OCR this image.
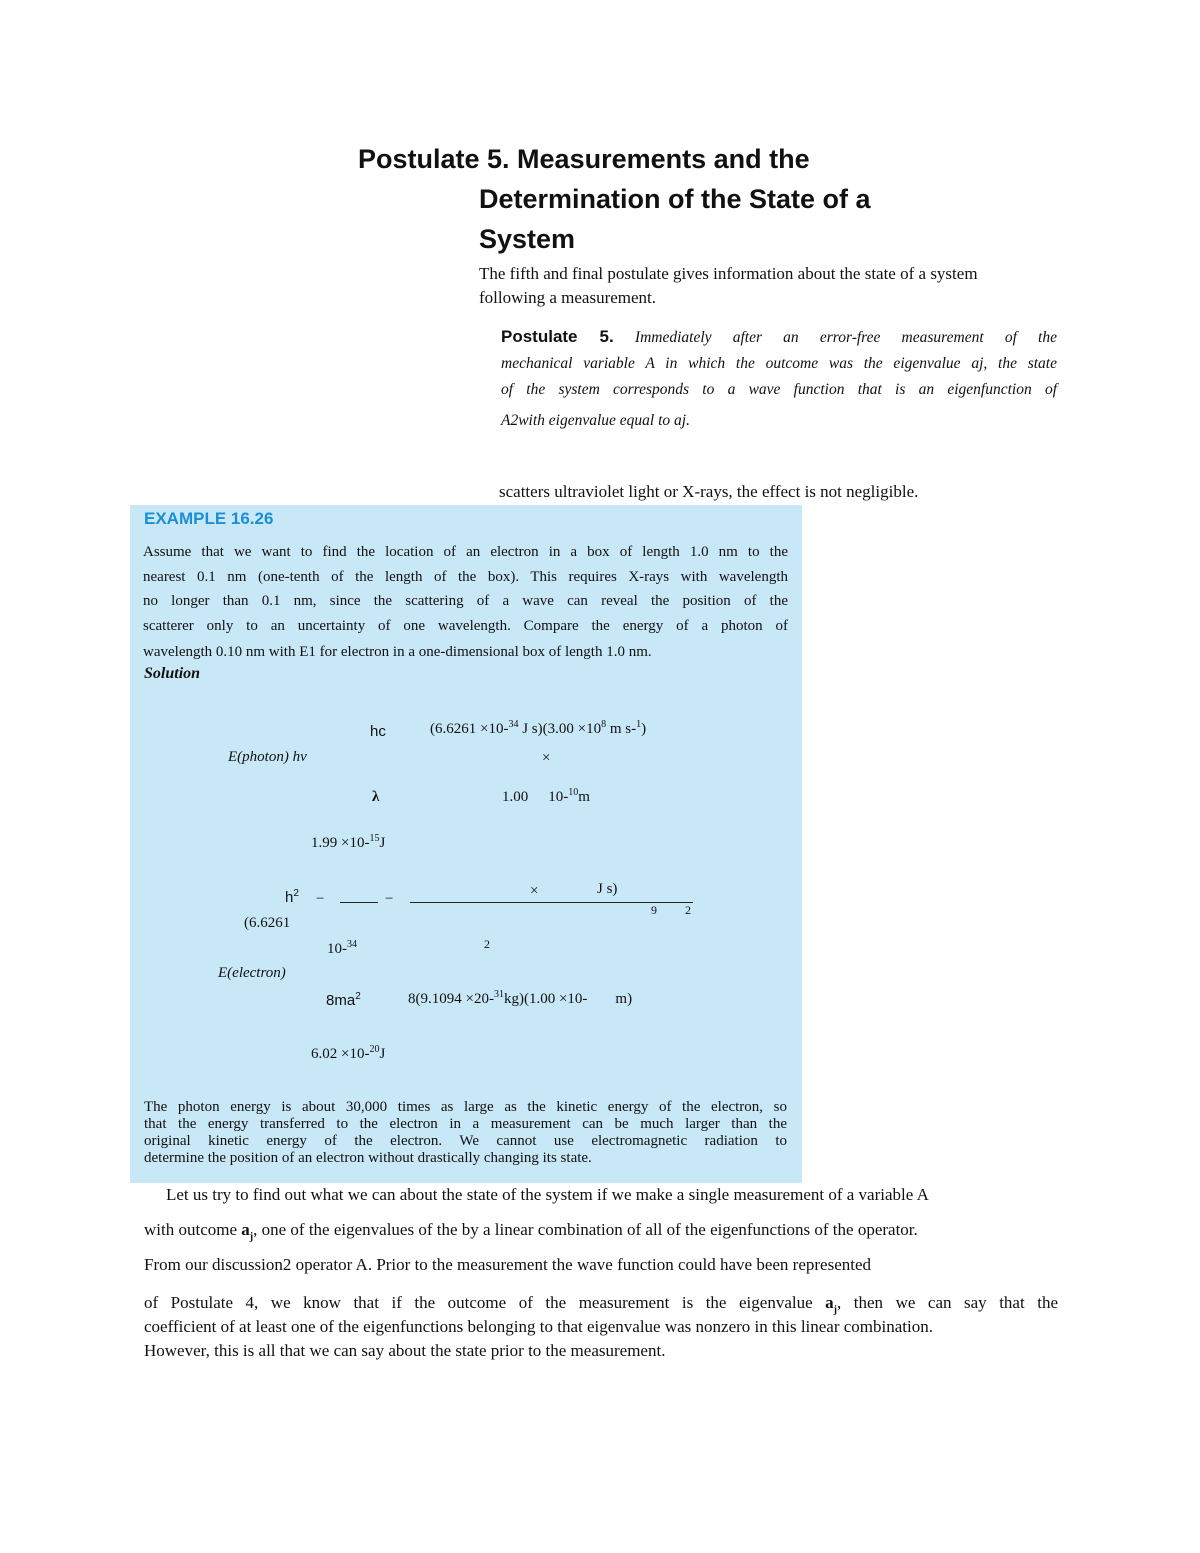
Postulate 5. Measurements and the
Determination of the State of a
System
The fifth and final postulate gives information about the state of a system
following a measurement.
Postulate 5. Immediately after an error-free measurement of the
mechanical variable A in which the outcome was the eigenvalue aj, the state
of the system corresponds to a wave function that is an eigenfunction of
A2with eigenvalue equal to aj.
scatters ultraviolet light or X-rays, the effect is not negligible.
EXAMPLE 16.26
Assume that we want to find the location of an electron in a box of length 1.0 nm to the
nearest 0.1 nm (one-tenth of the length of the box). This requires X-rays with wavelength
no longer than 0.1 nm, since the scattering of a wave can reveal the position of the
scatterer only to an uncertainty of one wavelength. Compare the energy of a photon of
wavelength 0.10 nm with E1 for electron in a one-dimensional box of length 1.0 nm.
Solution
hc	(6.6261 ×10-$^{34}$ J $s)(3.00 \times 10^8$ m s-$^1$)
E(photon) hv	×
λ	1.00 10-$^{10}$m
1.99 ×10-$^{15}$J
$h^2$ −	−	×	J s)
9 2
(6.6261
10-$^{34}$	2
E(electron)
$8ma^2$	8(9.1094 ×20-$^{31}$kg)(1.00 ×10- m)
6.02 ×10-$^{20}$J
The photon energy is about 30,000 times as large as the kinetic energy of the electron, so
that the energy transferred to the electron in a measurement can be much larger than the
original kinetic energy of the electron. We cannot use electromagnetic radiation to
determine the position of an electron without drastically changing its state.
Let us try to find out what we can about the state of the system if we make a single measurement of a variable A
with outcome $a_j$, one of the eigenvalues of the by a linear combination of all of the eigenfunctions of the operator.
From our discussion2 operator A. Prior to the measurement the wave function could have been represented
of Postulate 4, we know that if the outcome of the measurement is the eigenvalue $a_j$, then we can say that the
coefficient of at least one of the eigenfunctions belonging to that eigenvalue was nonzero in this linear combination.
However, this is all that we can say about the state prior to the measurement.
